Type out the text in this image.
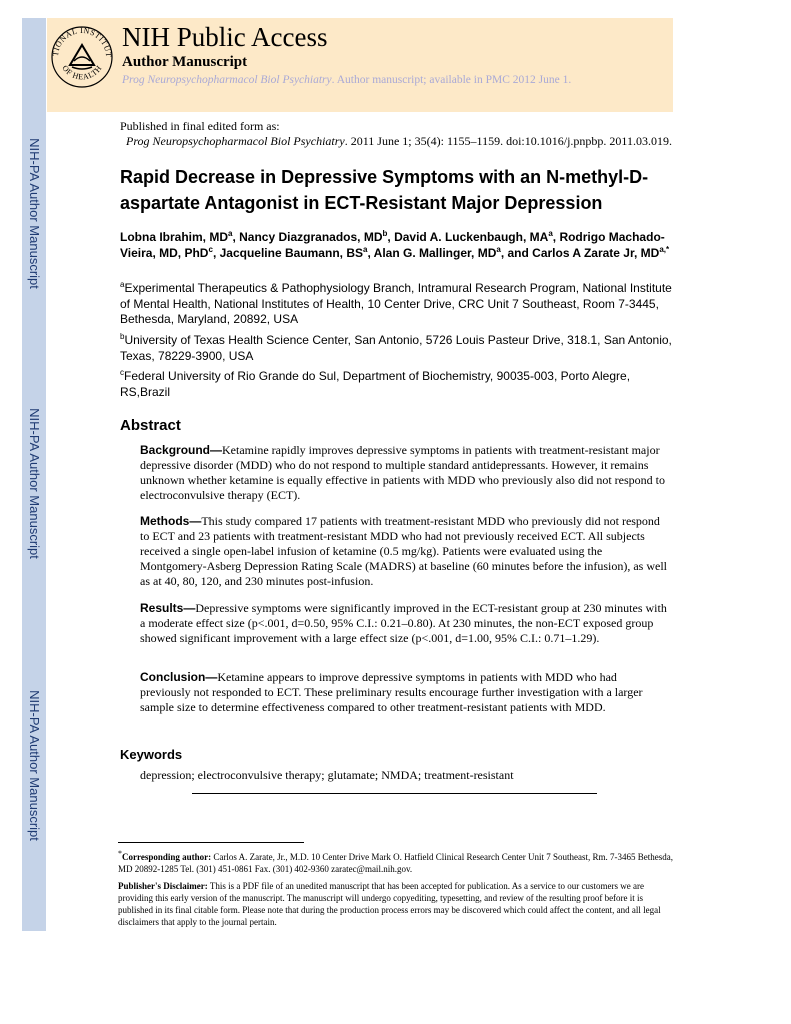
NIH-PA Author Manuscript
NIH-PA Author Manuscript
NIH-PA Author Manuscript
TIONAL INSTITUT
OF HEALTH
NIH Public Access
Author Manuscript
Prog Neuropsychopharmacol Biol Psychiatry. Author manuscript; available in PMC 2012 June 1.
Published in final edited form as:
Prog Neuropsychopharmacol Biol Psychiatry. 2011 June 1; 35(4): 1155–1159. doi:10.1016/j.pnpbp. 2011.03.019.
Rapid Decrease in Depressive Symptoms with an N-methyl-D-aspartate Antagonist in ECT-Resistant Major Depression
Lobna Ibrahim, $MD^a$, Nancy Diazgranados, $MD^b$, David A. Luckenbaugh, $MA^a$, Rodrigo Machado-Vieira, MD, PhD$^c$, Jacqueline Baumann, $BS^a$, Alan G. Mallinger, $MD^a$, and Carlos A Zarate Jr, $MD^{a,*}$
$^a$Experimental Therapeutics & Pathophysiology Branch, Intramural Research Program, National Institute of Mental Health, National Institutes of Health, 10 Center Drive, CRC Unit 7 Southeast, Room 7-3445, Bethesda, Maryland, 20892, USA
$^b$University of Texas Health Science Center, San Antonio, 5726 Louis Pasteur Drive, 318.1, San Antonio, Texas, 78229-3900, USA
$^c$Federal University of Rio Grande do Sul, Department of Biochemistry, 90035-003, Porto Alegre, RS,Brazil
Abstract
Background—Ketamine rapidly improves depressive symptoms in patients with treatment-resistant major depressive disorder (MDD) who do not respond to multiple standard antidepressants. However, it remains unknown whether ketamine is equally effective in patients with MDD who previously also did not respond to electroconvulsive therapy (ECT).
Methods—This study compared 17 patients with treatment-resistant MDD who previously did not respond to ECT and 23 patients with treatment-resistant MDD who had not previously received ECT. All subjects received a single open-label infusion of ketamine (0.5 mg/kg). Patients were evaluated using the Montgomery-Asberg Depression Rating Scale (MADRS) at baseline (60 minutes before the infusion), as well as at 40, 80, 120, and 230 minutes post-infusion.
Results—Depressive symptoms were significantly improved in the ECT-resistant group at 230 minutes with a moderate effect size (p<.001, d=0.50, 95% C.I.: 0.21–0.80). At 230 minutes, the non-ECT exposed group showed significant improvement with a large effect size (p<.001, d=1.00, 95% C.I.: 0.71–1.29).
Conclusion—Ketamine appears to improve depressive symptoms in patients with MDD who had previously not responded to ECT. These preliminary results encourage further investigation with a larger sample size to determine effectiveness compared to other treatment-resistant patients with MDD.
Keywords
depression; electroconvulsive therapy; glutamate; NMDA; treatment-resistant
*Corresponding author: Carlos A. Zarate, Jr., M.D. 10 Center Drive Mark O. Hatfield Clinical Research Center Unit 7 Southeast, Rm. 7-3465 Bethesda, MD 20892-1285 Tel. (301) 451-0861 Fax. (301) 402-9360 zaratec@mail.nih.gov.
Publisher's Disclaimer: This is a PDF file of an unedited manuscript that has been accepted for publication. As a service to our customers we are providing this early version of the manuscript. The manuscript will undergo copyediting, typesetting, and review of the resulting proof before it is published in its final citable form. Please note that during the production process errors may be discovered which could affect the content, and all legal disclaimers that apply to the journal pertain.
